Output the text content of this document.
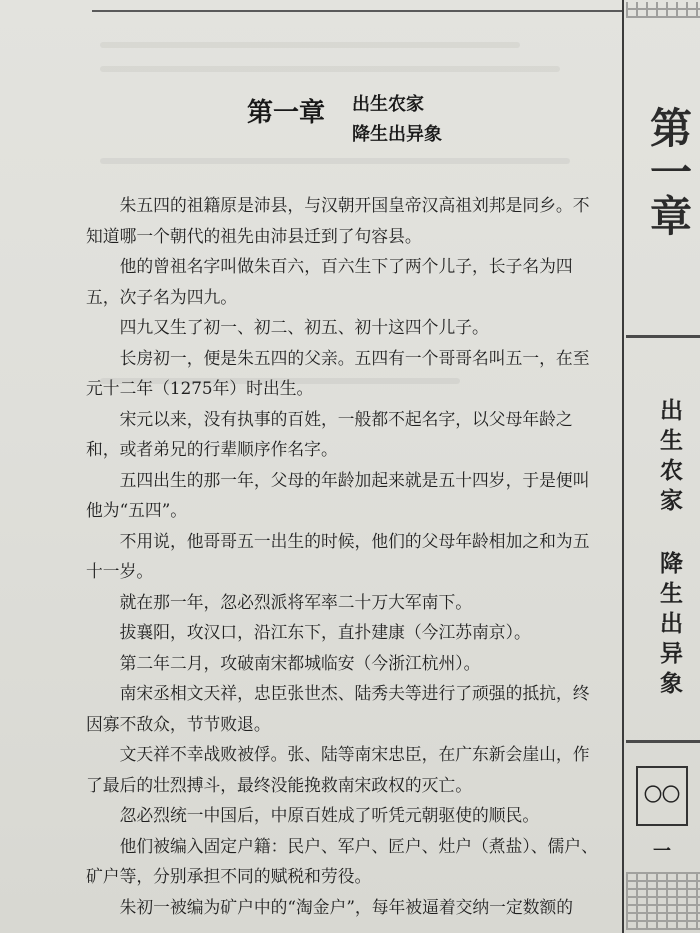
第一章
出生农家 降生出异象
〇〇一
第一章 出生农家
降生出异象

朱五四的祖籍原是沛县，与汉朝开国皇帝汉高祖刘邦是同乡。不知道哪一个朝代的祖先由沛县迁到了句容县。

他的曾祖名字叫做朱百六，百六生下了两个儿子，长子名为四五，次子名为四九。

四九又生了初一、初二、初五、初十这四个儿子。

长房初一，便是朱五四的父亲。五四有一个哥哥名叫五一，在至元十二年（1275年）时出生。

宋元以来，没有执事的百姓，一般都不起名字，以父母年龄之和，或者弟兄的行辈顺序作名字。

五四出生的那一年，父母的年龄加起来就是五十四岁，于是便叫他为“五四”。

不用说，他哥哥五一出生的时候，他们的父母年龄相加之和为五十一岁。

就在那一年，忽必烈派将军率二十万大军南下。

拔襄阳，攻汉口，沿江东下，直扑建康（今江苏南京）。

第二年二月，攻破南宋都城临安（今浙江杭州）。

南宋丞相文天祥，忠臣张世杰、陆秀夫等进行了顽强的抵抗，终因寡不敌众，节节败退。

文天祥不幸战败被俘。张、陆等南宋忠臣，在广东新会崖山，作了最后的壮烈搏斗，最终没能挽救南宋政权的灭亡。

忽必烈统一中国后，中原百姓成了听凭元朝驱使的顺民。

他们被编入固定户籍：民户、军户、匠户、灶户（煮盐）、儒户、矿户等，分别承担不同的赋税和劳役。

朱初一被编为矿户中的“淘金户”，每年被逼着交纳一定数额的
